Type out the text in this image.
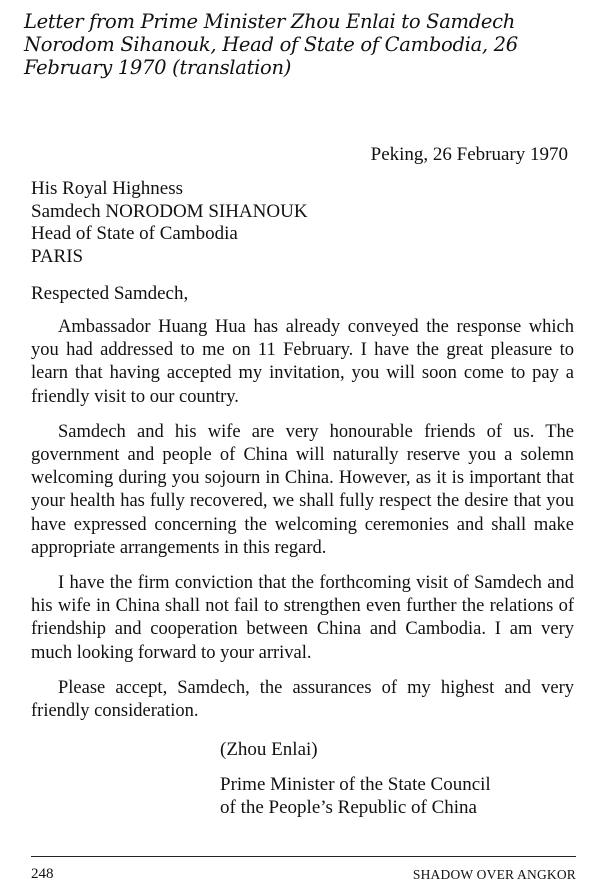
Letter from Prime Minister Zhou Enlai to Samdech
Norodom Sihanouk, Head of State of Cambodia, 26
February 1970 (translation)
Peking, 26 February 1970
His Royal Highness
Samdech NORODOM SIHANOUK
Head of State of Cambodia
PARIS
Respected Samdech,

Ambassador Huang Hua has already conveyed the response which you had addressed to me on 11 February. I have the great pleasure to learn that having accepted my invitation, you will soon come to pay a friendly visit to our country.

Samdech and his wife are very honourable friends of us. The government and people of China will naturally reserve you a solemn welcoming during you sojourn in China. However, as it is important that your health has fully recovered, we shall fully respect the desire that you have expressed concerning the welcoming ceremonies and shall make appropriate arrangements in this regard.

I have the firm conviction that the forthcoming visit of Samdech and his wife in China shall not fail to strengthen even further the relations of friendship and cooperation between China and Cambodia. I am very much looking forward to your arrival.

Please accept, Samdech, the assurances of my highest and very friendly consideration.

(Zhou Enlai)
Prime Minister of the State Council
of the People’s Republic of China
248	SHADOW OVER ANGKOR
